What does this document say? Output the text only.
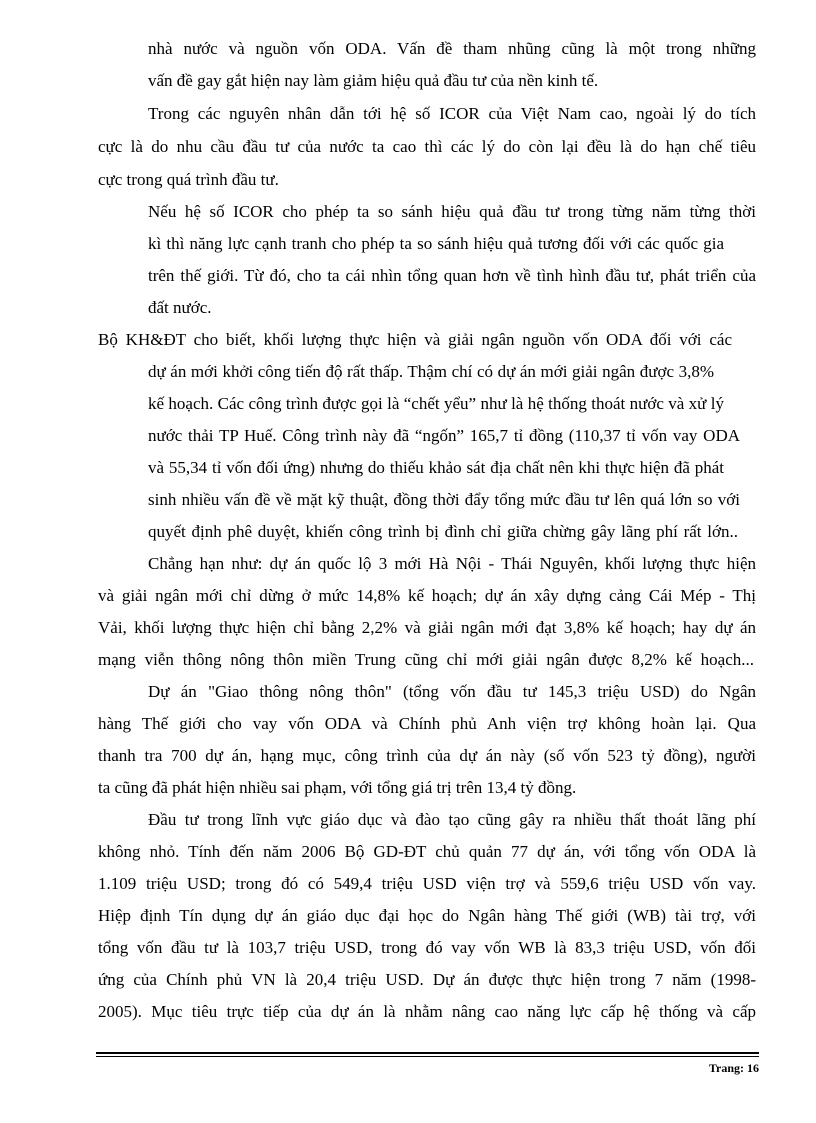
nhà nước và nguồn vốn ODA. Vấn đề tham nhũng cũng là một trong những

vấn đề gay gắt hiện nay làm giảm hiệu quả đầu tư của nền kinh tế.

Trong các nguyên nhân dẫn tới hệ số ICOR của Việt Nam cao, ngoài lý do tích

cực là do nhu cầu đầu tư của nước ta cao thì các lý do còn lại đều là do hạn chế tiêu

cực trong quá trình đầu tư.

Nếu hệ số ICOR cho phép ta so sánh hiệu quả đầu tư trong từng năm từng thời

kì thì năng lực cạnh tranh cho phép ta so sánh hiệu quả tương đối với các quốc gia

trên thế giới. Từ đó, cho ta cái nhìn tổng quan hơn về tình hình đầu tư, phát triển của

đất nước.

Bộ KH&ĐT cho biết, khối lượng thực hiện và giải ngân nguồn vốn ODA đối với các

dự án mới khởi công tiến độ rất thấp. Thậm chí có dự án mới giải ngân được 3,8%

kế hoạch. Các công trình được gọi là “chết yểu” như là hệ thống thoát nước và xử lý

nước thải TP Huế. Công trình này đã “ngốn” 165,7 tỉ đồng (110,37 tỉ vốn vay ODA

và 55,34 tỉ vốn đối ứng) nhưng do thiếu khảo sát địa chất nên khi thực hiện đã phát

sinh nhiều vấn đề về mặt kỹ thuật, đồng thời đẩy tổng mức đầu tư lên quá lớn so với

quyết định phê duyệt, khiến công trình bị đình chỉ giữa chừng gây lãng phí rất lớn..

Chẳng hạn như: dự án quốc lộ 3 mới Hà Nội - Thái Nguyên, khối lượng thực hiện

và giải ngân mới chỉ dừng ở mức 14,8% kế hoạch; dự án xây dựng cảng Cái Mép - Thị

Vải, khối lượng thực hiện chỉ bằng 2,2% và giải ngân mới đạt 3,8% kế hoạch; hay dự án

mạng viễn thông nông thôn miền Trung cũng chỉ mới giải ngân được 8,2% kế hoạch...

Dự án "Giao thông nông thôn" (tổng vốn đầu tư 145,3 triệu USD) do Ngân

hàng Thế giới cho vay vốn ODA và Chính phủ Anh viện trợ không hoàn lại. Qua

thanh tra 700 dự án, hạng mục, công trình của dự án này (số vốn 523 tỷ đồng), người

ta cũng đã phát hiện nhiều sai phạm, với tổng giá trị trên 13,4 tỷ đồng.

Đầu tư trong lĩnh vực giáo dục và đào tạo cũng gây ra nhiều thất thoát lãng phí

không nhỏ. Tính đến năm 2006 Bộ GD-ĐT chủ quản 77 dự án, với tổng vốn ODA là

1.109 triệu USD; trong đó có 549,4 triệu USD viện trợ và 559,6 triệu USD vốn vay.

Hiệp định Tín dụng dự án giáo dục đại học do Ngân hàng Thế giới (WB) tài trợ, với

tổng vốn đầu tư là 103,7 triệu USD, trong đó vay vốn WB là 83,3 triệu USD, vốn đối

ứng của Chính phủ VN là 20,4 triệu USD. Dự án được thực hiện trong 7 năm (1998-

2005). Mục tiêu trực tiếp của dự án là nhằm nâng cao năng lực cấp hệ thống và cấp

Trang: 16
